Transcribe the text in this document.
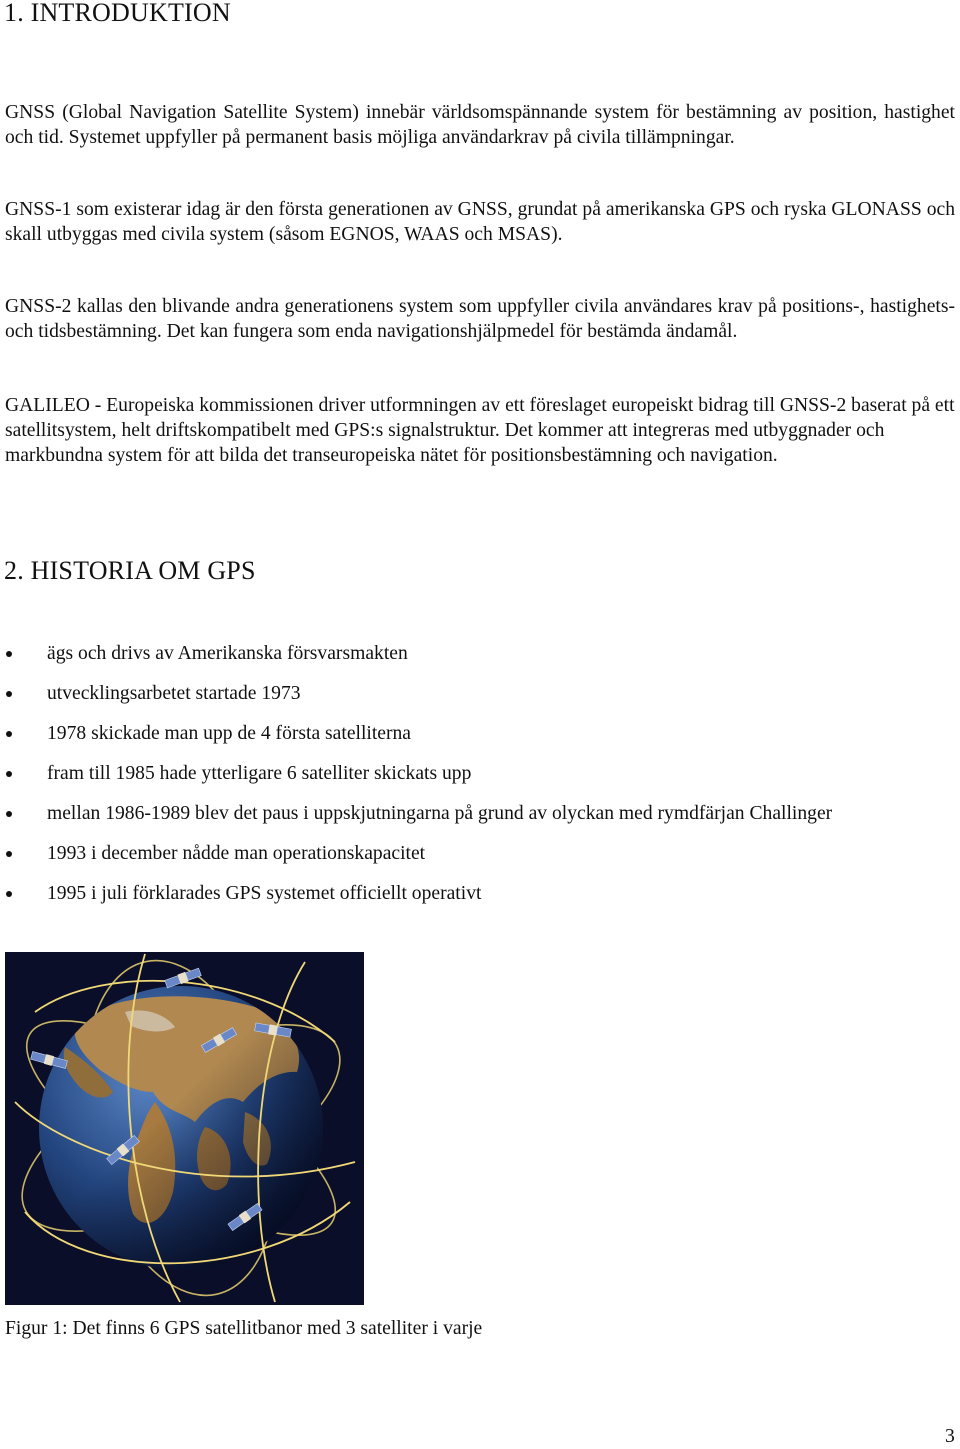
1. INTRODUKTION

GNSS (Global Navigation Satellite System) innebär världsomspännande system för bestämning av position, hastighet och tid. Systemet uppfyller på permanent basis möjliga användarkrav på civila tillämpningar.

GNSS-1 som existerar idag är den första generationen av GNSS, grundat på amerikanska GPS och ryska GLONASS och skall utbyggas med civila system (såsom EGNOS, WAAS och MSAS).

GNSS-2 kallas den blivande andra generationens system som uppfyller civila användares krav på positions-, hastighets- och tidsbestämning. Det kan fungera som enda navigationshjälpmedel för bestämda ändamål.

GALILEO - Europeiska kommissionen driver utformningen av ett föreslaget europeiskt bidrag till GNSS-2 baserat på ett satellitsystem, helt driftskompatibelt med GPS:s signalstruktur. Det kommer att integreras med utbyggnader och markbundna system för att bilda det transeuropeiska nätet för positionsbestämning och navigation.

2. HISTORIA OM GPS
ägs och drivs av Amerikanska försvarsmakten
utvecklingsarbetet startade 1973
1978 skickade man upp de 4 första satelliterna
fram till 1985 hade ytterligare 6 satelliter skickats upp
mellan 1986-1989 blev det paus i uppskjutningarna på grund av olyckan med rymdfärjan Challinger
1993 i december nådde man operationskapacitet
1995 i juli förklarades GPS systemet officiellt operativt

Figur 1: Det finns 6 GPS satellitbanor med 3 satelliter i varje

3
